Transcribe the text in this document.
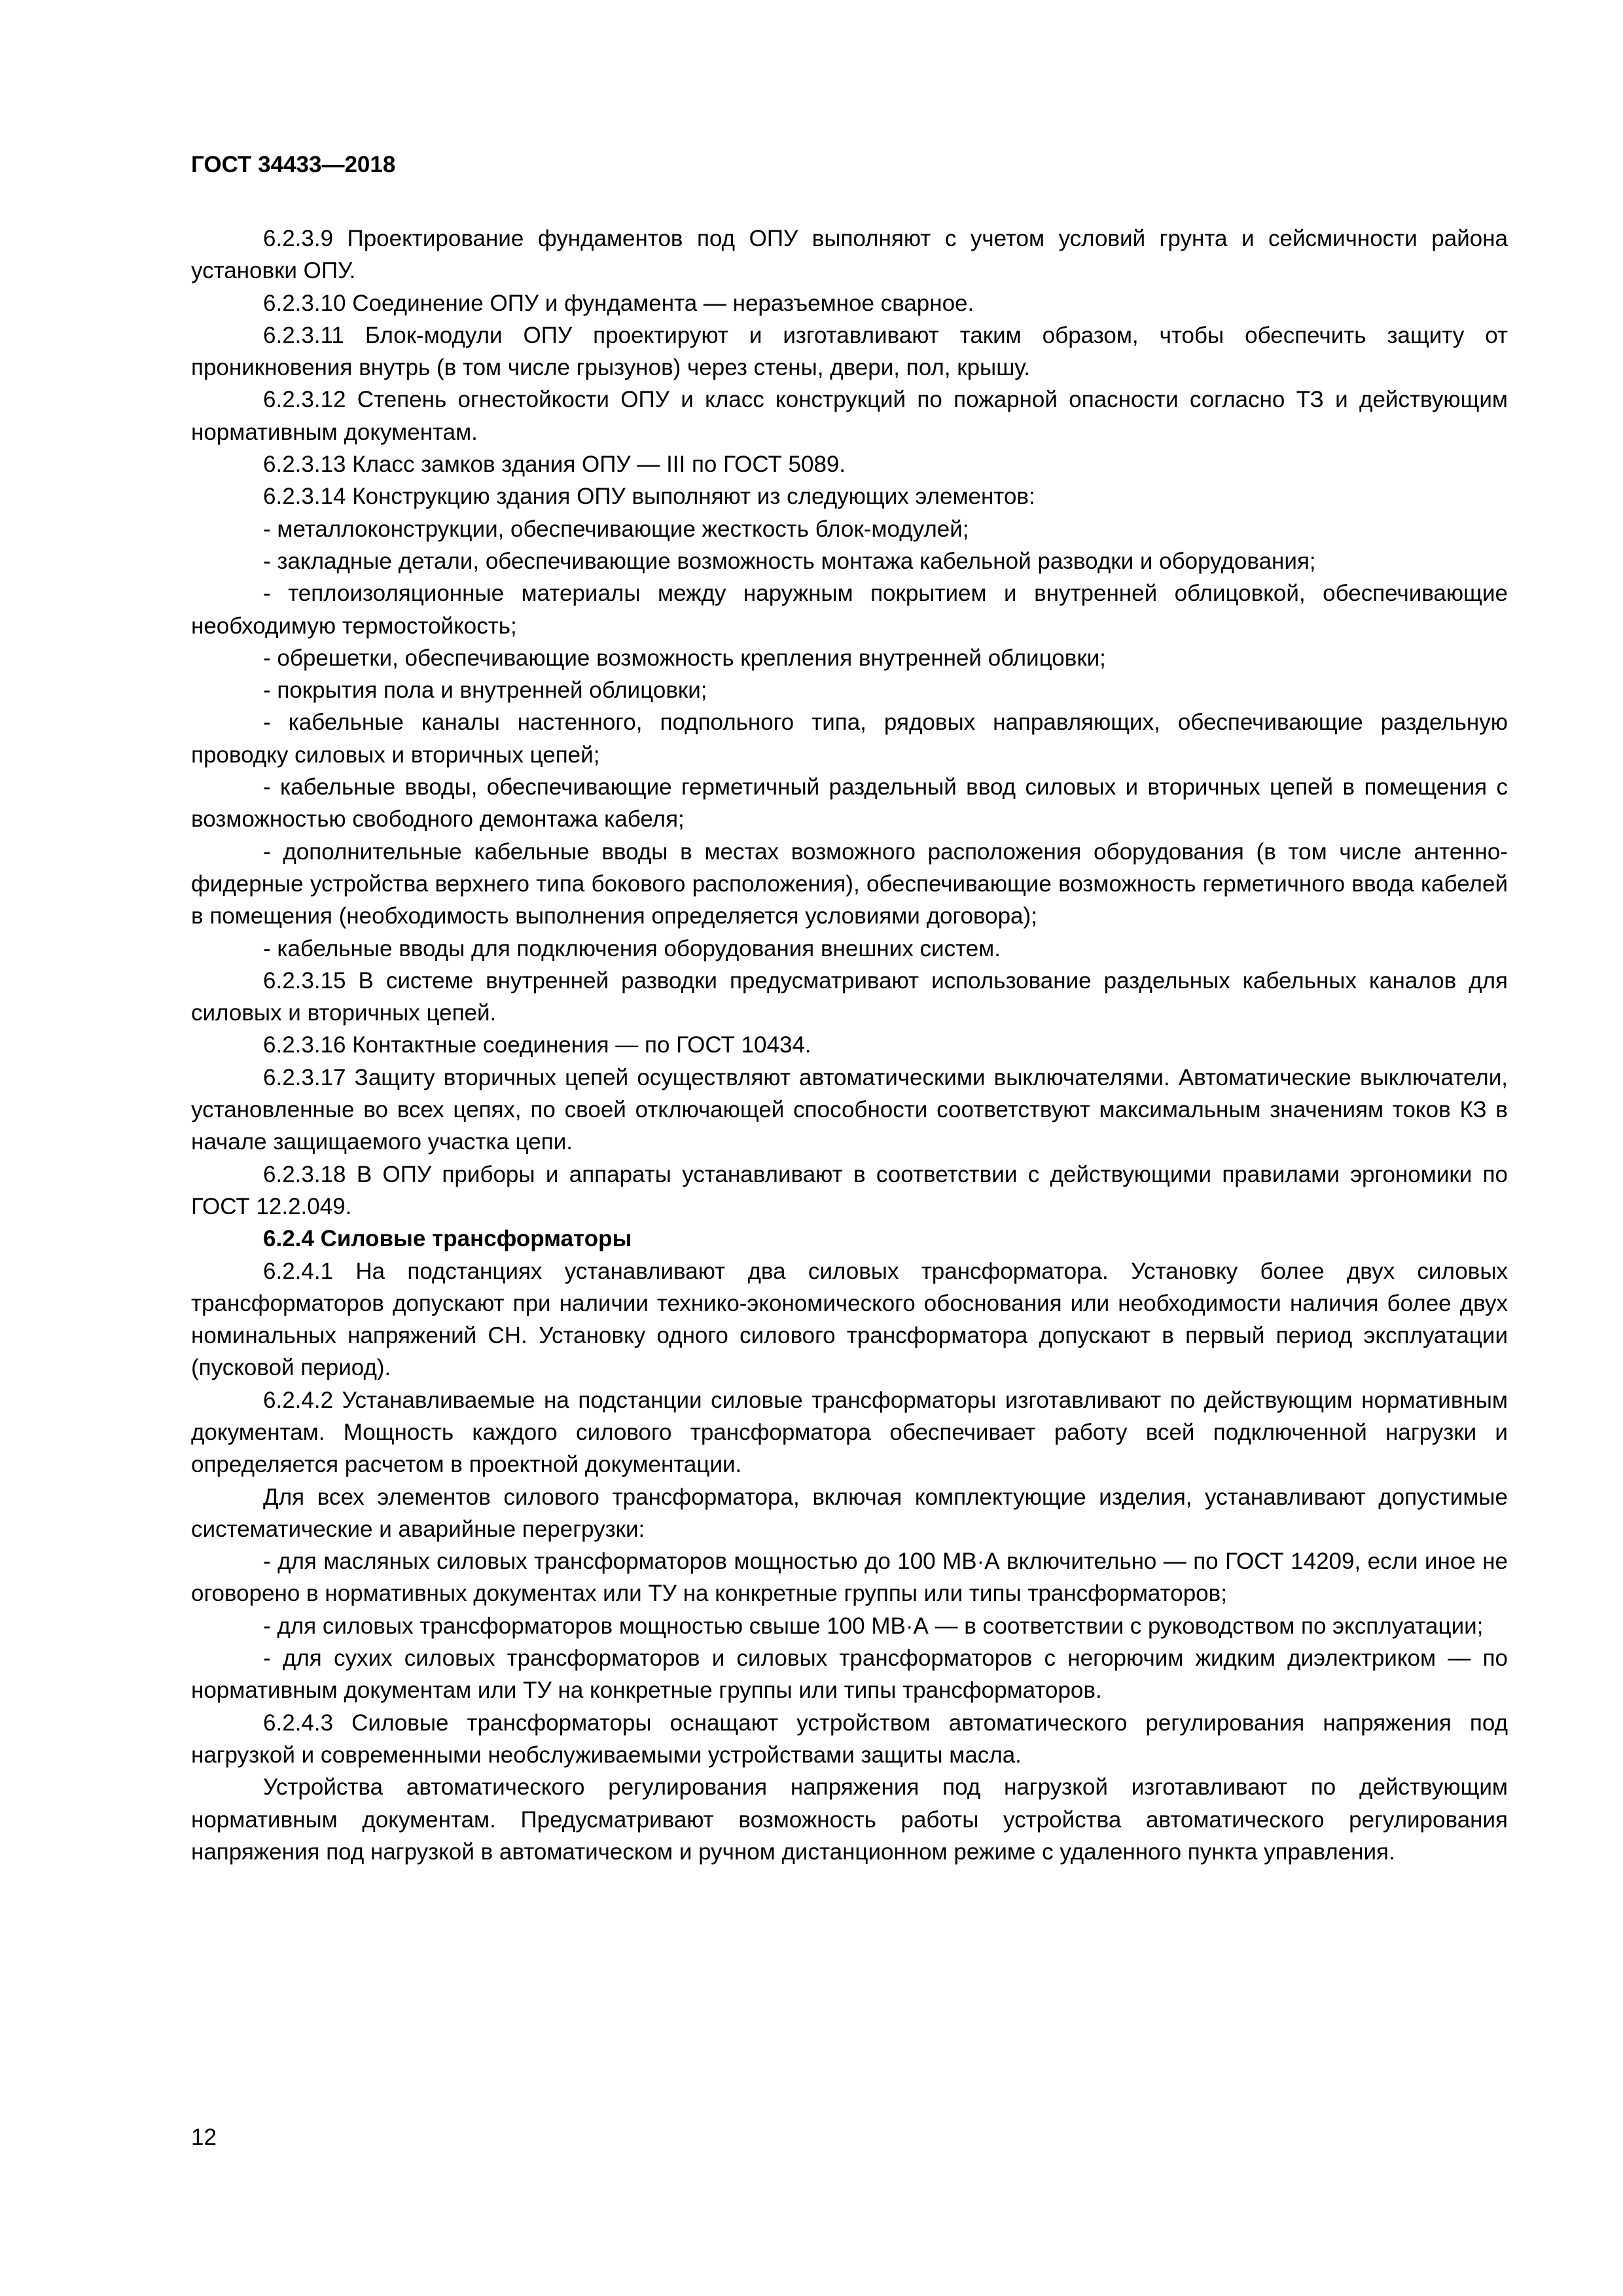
ГОСТ 34433—2018

6.2.3.9 Проектирование фундаментов под ОПУ выполняют с учетом условий грунта и сейсмичности района установки ОПУ.

6.2.3.10 Соединение ОПУ и фундамента — неразъемное сварное.

6.2.3.11 Блок-модули ОПУ проектируют и изготавливают таким образом, чтобы обеспечить защиту от проникновения внутрь (в том числе грызунов) через стены, двери, пол, крышу.

6.2.3.12 Степень огнестойкости ОПУ и класс конструкций по пожарной опасности согласно ТЗ и действующим нормативным документам.

6.2.3.13 Класс замков здания ОПУ — III по ГОСТ 5089.

6.2.3.14 Конструкцию здания ОПУ выполняют из следующих элементов:

- металлоконструкции, обеспечивающие жесткость блок-модулей;

- закладные детали, обеспечивающие возможность монтажа кабельной разводки и оборудования;

- теплоизоляционные материалы между наружным покрытием и внутренней облицовкой, обеспечивающие необходимую термостойкость;

- обрешетки, обеспечивающие возможность крепления внутренней облицовки;

- покрытия пола и внутренней облицовки;

- кабельные каналы настенного, подпольного типа, рядовых направляющих, обеспечивающие раздельную проводку силовых и вторичных цепей;

- кабельные вводы, обеспечивающие герметичный раздельный ввод силовых и вторичных цепей в помещения с возможностью свободного демонтажа кабеля;

- дополнительные кабельные вводы в местах возможного расположения оборудования (в том числе антенно-фидерные устройства верхнего типа бокового расположения), обеспечивающие возможность герметичного ввода кабелей в помещения (необходимость выполнения определяется условиями договора);

- кабельные вводы для подключения оборудования внешних систем.

6.2.3.15 В системе внутренней разводки предусматривают использование раздельных кабельных каналов для силовых и вторичных цепей.

6.2.3.16 Контактные соединения — по ГОСТ 10434.

6.2.3.17 Защиту вторичных цепей осуществляют автоматическими выключателями. Автоматические выключатели, установленные во всех цепях, по своей отключающей способности соответствуют максимальным значениям токов КЗ в начале защищаемого участка цепи.

6.2.3.18 В ОПУ приборы и аппараты устанавливают в соответствии с действующими правилами эргономики по ГОСТ 12.2.049.

6.2.4 Силовые трансформаторы

6.2.4.1 На подстанциях устанавливают два силовых трансформатора. Установку более двух силовых трансформаторов допускают при наличии технико-экономического обоснования или необходимости наличия более двух номинальных напряжений СН. Установку одного силового трансформатора допускают в первый период эксплуатации (пусковой период).

6.2.4.2 Устанавливаемые на подстанции силовые трансформаторы изготавливают по действующим нормативным документам. Мощность каждого силового трансформатора обеспечивает работу всей подключенной нагрузки и определяется расчетом в проектной документации.

Для всех элементов силового трансформатора, включая комплектующие изделия, устанавливают допустимые систематические и аварийные перегрузки:

- для масляных силовых трансформаторов мощностью до 100 МВ·А включительно — по ГОСТ 14209, если иное не оговорено в нормативных документах или ТУ на конкретные группы или типы трансформаторов;

- для силовых трансформаторов мощностью свыше 100 МВ·А — в соответствии с руководством по эксплуатации;

- для сухих силовых трансформаторов и силовых трансформаторов с негорючим жидким диэлектриком — по нормативным документам или ТУ на конкретные группы или типы трансформаторов.

6.2.4.3 Силовые трансформаторы оснащают устройством автоматического регулирования напряжения под нагрузкой и современными необслуживаемыми устройствами защиты масла.

Устройства автоматического регулирования напряжения под нагрузкой изготавливают по действующим нормативным документам. Предусматривают возможность работы устройства автоматического регулирования напряжения под нагрузкой в автоматическом и ручном дистанционном режиме с удаленного пункта управления.

12
